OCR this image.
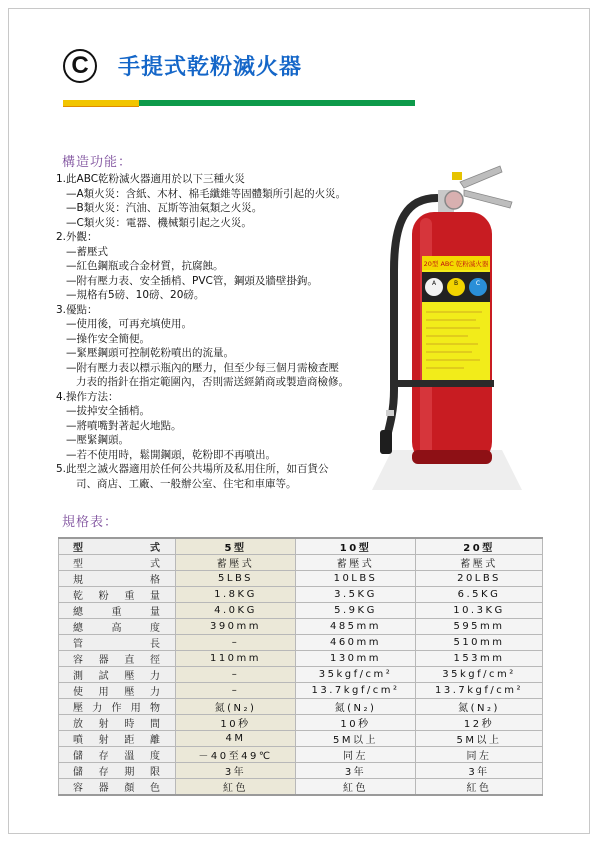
C 手提式乾粉滅火器
構造功能：
1.此ABC乾粉滅火器適用於以下三種火災
—A類火災：含紙、木材、棉毛纖維等固體類所引起的火災。
—B類火災：汽油、瓦斯等油氣類之火災。
—C類火災：電器、機械類引起之火災。
2.外觀：
—蓄壓式
—紅色鋼瓶或合金材質，抗腐蝕。
—附有壓力表、安全插梢、PVC管，鋼頭及牆壁掛鉤。
—規格有5磅、10磅、20磅。
3.優點：
—使用後，可再充填使用。
—操作安全簡便。
—緊壓鋼頭可控制乾粉噴出的流量。
—附有壓力表以標示瓶內的壓力，但至少每三個月需檢查壓
力表的指針在指定範圍內，否則需送經銷商或製造商檢修。
4.操作方法：
—拔掉安全插梢。
—將噴嘴對著起火地點。
—壓緊鋼頭。
—若不使用時，鬆開鋼頭，乾粉即不再噴出。
5.此型之滅火器適用於任何公共場所及私用住所，如百貨公
司、商店、工廠、一般辦公室、住宅和車庫等。
20型 ABC 乾粉滅火器
A	B	C
規格表：
型　式	5型	10型	20型
型　式	蓄壓式	蓄壓式	蓄壓式
規　格	5LBS	10LBS	20LBS
乾粉重量	1.8KG	3.5KG	6.5KG
總重量	4.0KG	5.9KG	10.3KG
總高度	390mm	485mm	595mm
管　長	–	460mm	510mm
容器直徑	110mm	130mm	153mm
測試壓力	–	35kgf/cm²	35kgf/cm²
使用壓力	–	13.7kgf/cm²	13.7kgf/cm²
壓力作用物	氮(N₂)	氮(N₂)	氮(N₂)
放射時間	10秒	10秒	12秒
噴射距離	4M	5M以上	5M以上
儲存溫度	－40至49℃	同左	同左
儲存期限	3年	3年	3年
容器顏色	紅色	紅色	紅色
